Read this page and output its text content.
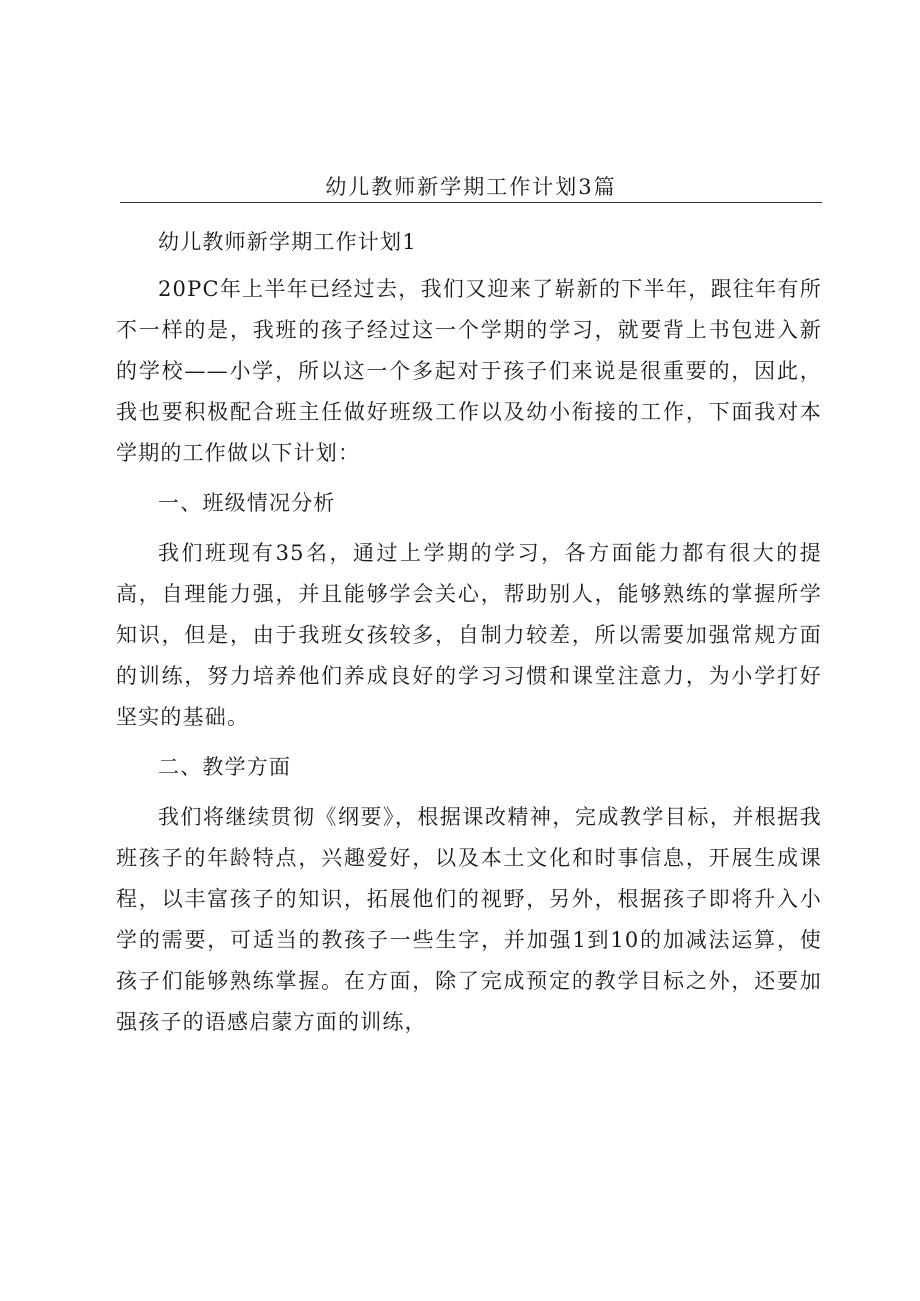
幼儿教师新学期工作计划3篇

幼儿教师新学期工作计划1

20PC年上半年已经过去，我们又迎来了崭新的下半年，跟往年有所不一样的是，我班的孩子经过这一个学期的学习，就要背上书包进入新的学校——小学，所以这一个多起对于孩子们来说是很重要的，因此，我也要积极配合班主任做好班级工作以及幼小衔接的工作，下面我对本学期的工作做以下计划：

一、班级情况分析

我们班现有35名，通过上学期的学习，各方面能力都有很大的提高，自理能力强，并且能够学会关心，帮助别人，能够熟练的掌握所学知识，但是，由于我班女孩较多，自制力较差，所以需要加强常规方面的训练，努力培养他们养成良好的学习习惯和课堂注意力，为小学打好坚实的基础。

二、教学方面

我们将继续贯彻《纲要》，根据课改精神，完成教学目标，并根据我班孩子的年龄特点，兴趣爱好，以及本土文化和时事信息，开展生成课程，以丰富孩子的知识，拓展他们的视野，另外，根据孩子即将升入小学的需要，可适当的教孩子一些生字，并加强1到10的加减法运算，使孩子们能够熟练掌握。在方面，除了完成预定的教学目标之外，还要加强孩子的语感启蒙方面的训练，
